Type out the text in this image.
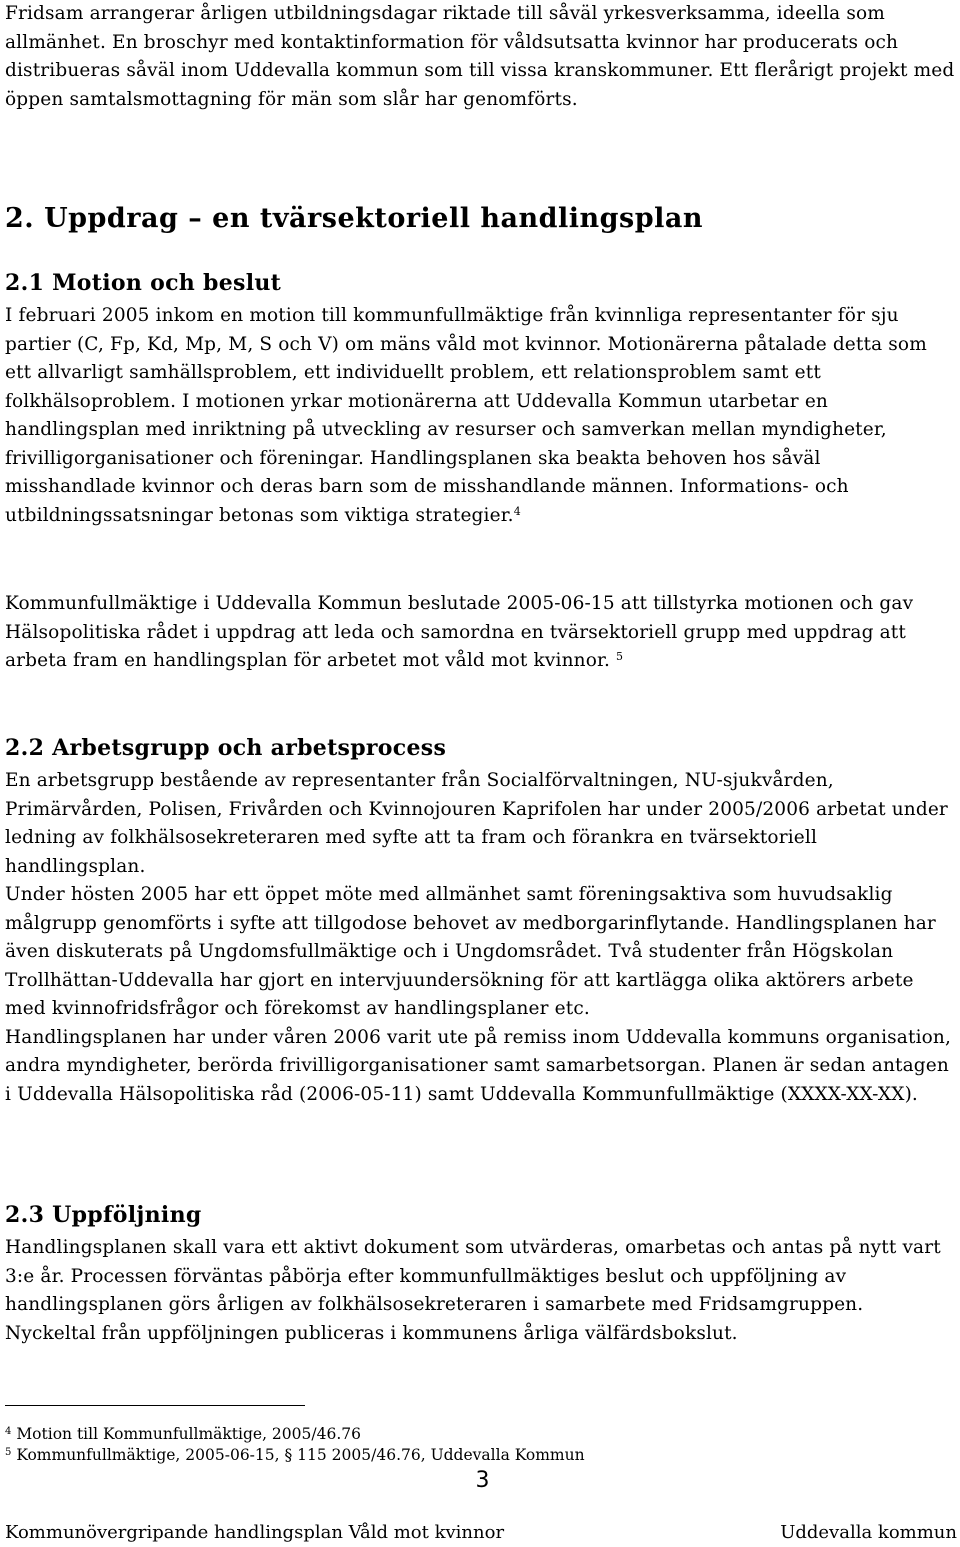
Fridsam arrangerar årligen utbildningsdagar riktade till såväl yrkesverksamma, ideella som allmänhet. En broschyr med kontaktinformation för våldsutsatta kvinnor har producerats och distribueras såväl inom Uddevalla kommun som till vissa kranskommuner. Ett flerårigt projekt med öppen samtalsmottagning för män som slår har genomförts.

2. Uppdrag – en tvärsektoriell handlingsplan
2.1 Motion och beslut

I februari 2005 inkom en motion till kommunfullmäktige från kvinnliga representanter för sju partier (C, Fp, Kd, Mp, M, S och V) om mäns våld mot kvinnor. Motionärerna påtalade detta som ett allvarligt samhällsproblem, ett individuellt problem, ett relationsproblem samt ett folkhälsoproblem. I motionen yrkar motionärerna att Uddevalla Kommun utarbetar en handlingsplan med inriktning på utveckling av resurser och samverkan mellan myndigheter, frivilligorganisationer och föreningar. Handlingsplanen ska beakta behoven hos såväl misshandlade kvinnor och deras barn som de misshandlande männen. Informations- och utbildningssatsningar betonas som viktiga strategier.$^4$

Kommunfullmäktige i Uddevalla Kommun beslutade 2005-06-15 att tillstyrka motionen och gav Hälsopolitiska rådet i uppdrag att leda och samordna en tvärsektoriell grupp med uppdrag att arbeta fram en handlingsplan för arbetet mot våld mot kvinnor. $^5$

2.2 Arbetsgrupp och arbetsprocess

En arbetsgrupp bestående av representanter från Socialförvaltningen, NU-sjukvården, Primärvården, Polisen, Frivården och Kvinnojouren Kaprifolen har under 2005/2006 arbetat under ledning av folkhälsosekreteraren med syfte att ta fram och förankra en tvärsektoriell handlingsplan.

Under hösten 2005 har ett öppet möte med allmänhet samt föreningsaktiva som huvudsaklig målgrupp genomförts i syfte att tillgodose behovet av medborgarinflytande. Handlingsplanen har även diskuterats på Ungdomsfullmäktige och i Ungdomsrådet. Två studenter från Högskolan Trollhättan-Uddevalla har gjort en intervjuundersökning för att kartlägga olika aktörers arbete med kvinnofridsfrågor och förekomst av handlingsplaner etc.

Handlingsplanen har under våren 2006 varit ute på remiss inom Uddevalla kommuns organisation, andra myndigheter, berörda frivilligorganisationer samt samarbetsorgan. Planen är sedan antagen i Uddevalla Hälsopolitiska råd (2006-05-11) samt Uddevalla Kommunfullmäktige (XXXX-XX-XX).

2.3 Uppföljning

Handlingsplanen skall vara ett aktivt dokument som utvärderas, omarbetas och antas på nytt vart 3:e år. Processen förväntas påbörja efter kommunfullmäktiges beslut och uppföljning av handlingsplanen görs årligen av folkhälsosekreteraren i samarbete med Fridsamgruppen. Nyckeltal från uppföljningen publiceras i kommunens årliga välfärdsbokslut.

$^4$ Motion till Kommunfullmäktige, 2005/46.76
$^5$ Kommunfullmäktige, 2005-06-15, § 115 2005/46.76, Uddevalla Kommun
3
Kommunövergripande handlingsplan Våld mot kvinnor	Uddevalla kommun
